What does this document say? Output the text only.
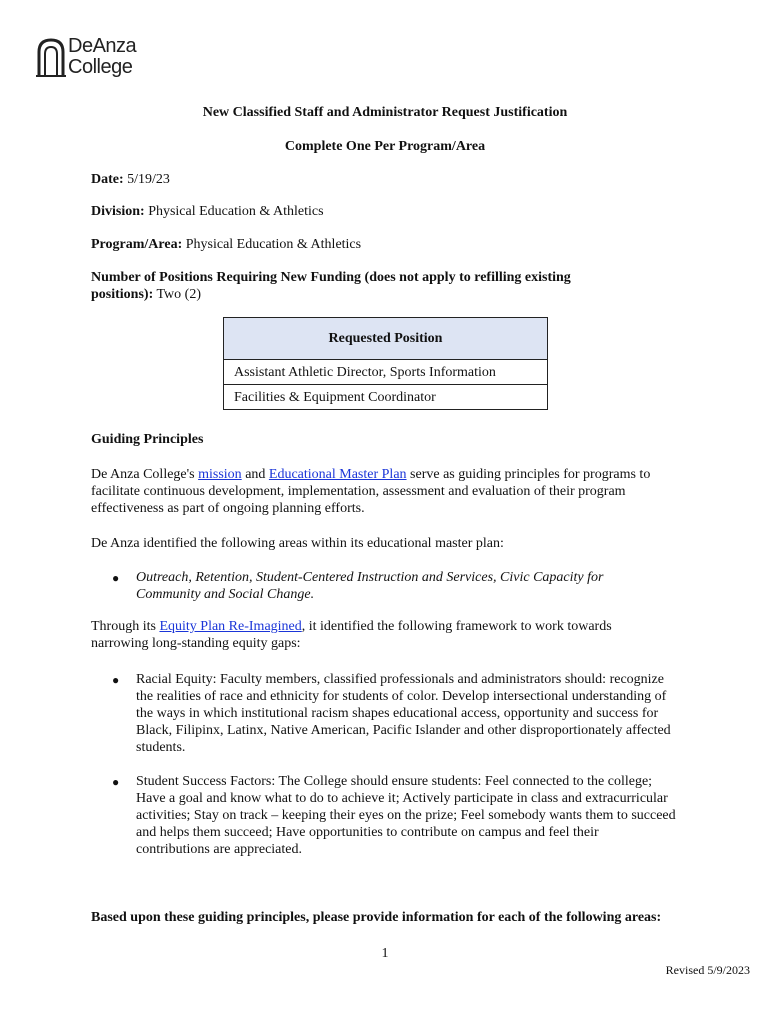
DeAnza
College
New Classified Staff and Administrator Request Justification
Complete One Per Program/Area
Date: 5/19/23
Division: Physical Education & Athletics
Program/Area: Physical Education & Athletics
Number of Positions Requiring New Funding (does not apply to refilling existing positions): Two (2)
Requested Position
Assistant Athletic Director, Sports Information
Facilities & Equipment Coordinator
Guiding Principles
De Anza College's mission and Educational Master Plan serve as guiding principles for programs to facilitate continuous development, implementation, assessment and evaluation of their program effectiveness as part of ongoing planning efforts.
De Anza identified the following areas within its educational master plan:
● Outreach, Retention, Student-Centered Instruction and Services, Civic Capacity for Community and Social Change.
Through its Equity Plan Re-Imagined, it identified the following framework to work towards narrowing long-standing equity gaps:
● Racial Equity: Faculty members, classified professionals and administrators should: recognize the realities of race and ethnicity for students of color. Develop intersectional understanding of the ways in which institutional racism shapes educational access, opportunity and success for Black, Filipinx, Latinx, Native American, Pacific Islander and other disproportionately affected students.
● Student Success Factors: The College should ensure students: Feel connected to the college; Have a goal and know what to do to achieve it; Actively participate in class and extracurricular activities; Stay on track – keeping their eyes on the prize; Feel somebody wants them to succeed and helps them succeed; Have opportunities to contribute on campus and feel their contributions are appreciated.
Based upon these guiding principles, please provide information for each of the following areas:
1
Revised 5/9/2023
